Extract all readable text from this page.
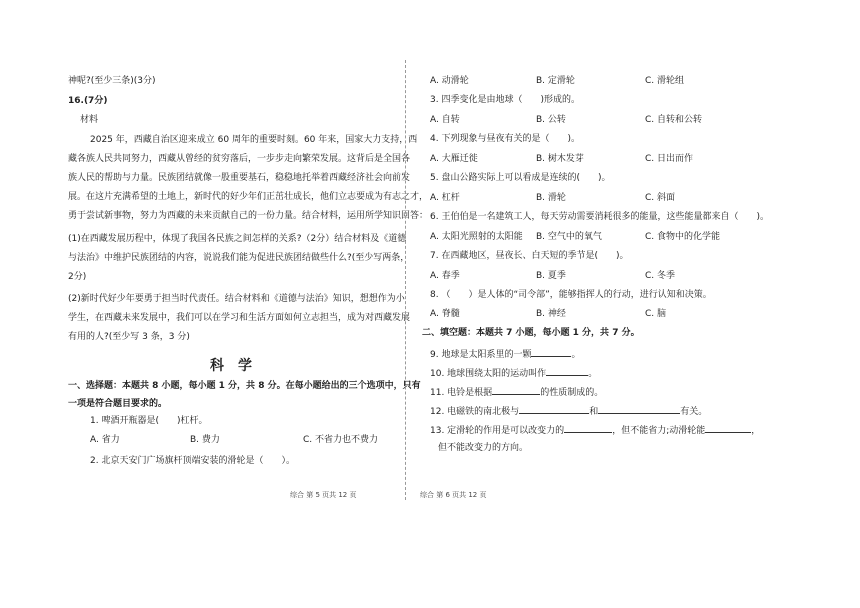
神呢?(至少三条)(3分)
16.(7分)
材料
2025 年，西藏自治区迎来成立 60 周年的重要时刻。60 年来，国家大力支持，西
藏各族人民共同努力，西藏从曾经的贫穷落后，一步步走向繁荣发展。这背后是全国各
族人民的帮助与力量。民族团结就像一股重要基石，稳稳地托举着西藏经济社会向前发
展。在这片充满希望的土地上，新时代的好少年们正茁壮成长，他们立志要成为有志之才，
勇于尝试新事物，努力为西藏的未来贡献自己的一份力量。结合材料，运用所学知识回答：
(1)在西藏发展历程中，体现了我国各民族之间怎样的关系?（2分）结合材料及《道德
与法治》中维护民族团结的内容，说说我们能为促进民族团结做些什么?(至少写两条，
2分)
(2)新时代好少年要勇于担当时代责任。结合材料和《道德与法治》知识，想想作为小
学生，在西藏未来发展中，我们可以在学习和生活方面如何立志担当，成为对西藏发展
有用的人?(至少写 3 条，3 分)
科学
一、选择题：本题共 8 小题，每小题 1 分，共 8 分。在每小题给出的三个选项中，只有
一项是符合题目要求的。
1. 啤酒开瓶器是(　　)杠杆。
A. 省力	B. 费力	C. 不省力也不费力
2. 北京天安门广场旗杆顶端安装的滑轮是（　　）。
综合 第 5 页共 12 页
A. 动滑轮	B. 定滑轮	C. 滑轮组
3. 四季变化是由地球（　　)形成的。
A. 自转	B. 公转	C. 自转和公转
4. 下列现象与昼夜有关的是（　　)。
A. 大雁迁徙	B. 树木发芽	C. 日出而作
5. 盘山公路实际上可以看成是连续的(　　)。
A. 杠杆	B. 滑轮	C. 斜面
6. 王伯伯是一名建筑工人，每天劳动需要消耗很多的能量，这些能量都来自（　　)。
A. 太阳光照射的太阳能 B. 空气中的氧气	C. 食物中的化学能
7. 在西藏地区，昼夜长、白天短的季节是(　　)。
A. 春季	B. 夏季	C. 冬季
8. （　　）是人体的“司令部”，能够指挥人的行动，进行认知和决策。
A. 脊髓	B. 神经	C. 脑
二、填空题：本题共 7 小题，每小题 1 分，共 7 分。
9. 地球是太阳系里的一颗	。
10. 地球围绕太阳的运动叫作	。
11. 电铃是根据	的性质制成的。
12. 电磁铁的南北极与	和	有关。
13. 定滑轮的作用是可以改变力的	，但不能省力;动滑轮能	，
但不能改变力的方向。
综合 第 6 页共 12 页
